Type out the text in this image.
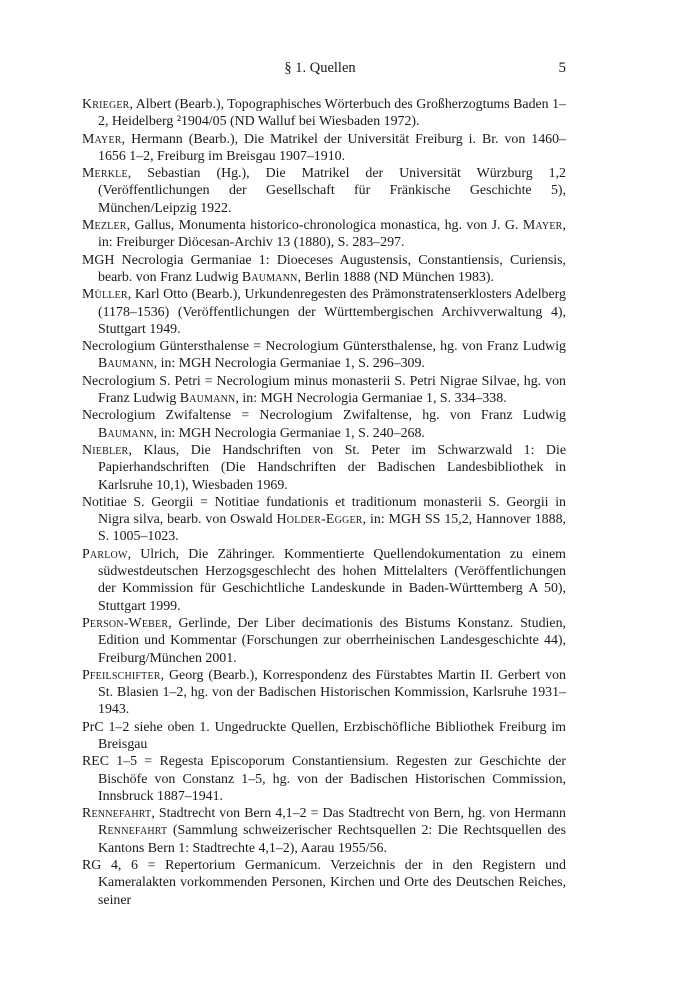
§ 1. Quellen	5

Krieger, Albert (Bearb.), Topographisches Wörterbuch des Großherzogtums Baden 1–2, Heidelberg ²1904/05 (ND Walluf bei Wiesbaden 1972).

Mayer, Hermann (Bearb.), Die Matrikel der Universität Freiburg i. Br. von 1460–1656 1–2, Freiburg im Breisgau 1907–1910.

Merkle, Sebastian (Hg.), Die Matrikel der Universität Würzburg 1,2 (Veröffentlichungen der Gesellschaft für Fränkische Geschichte 5), München/Leipzig 1922.

Mezler, Gallus, Monumenta historico-chronologica monastica, hg. von J. G. Mayer, in: Freiburger Diöcesan-Archiv 13 (1880), S. 283–297.

MGH Necrologia Germaniae 1: Dioeceses Augustensis, Constantiensis, Curiensis, bearb. von Franz Ludwig Baumann, Berlin 1888 (ND München 1983).

Müller, Karl Otto (Bearb.), Urkundenregesten des Prämonstratenserklosters Adelberg (1178–1536) (Veröffentlichungen der Württembergischen Archivverwaltung 4), Stuttgart 1949.

Necrologium Güntersthalense = Necrologium Güntersthalense, hg. von Franz Ludwig Baumann, in: MGH Necrologia Germaniae 1, S. 296–309.

Necrologium S. Petri = Necrologium minus monasterii S. Petri Nigrae Silvae, hg. von Franz Ludwig Baumann, in: MGH Necrologia Germaniae 1, S. 334–338.

Necrologium Zwifaltense = Necrologium Zwifaltense, hg. von Franz Ludwig Baumann, in: MGH Necrologia Germaniae 1, S. 240–268.

Niebler, Klaus, Die Handschriften von St. Peter im Schwarzwald 1: Die Papierhandschriften (Die Handschriften der Badischen Landesbibliothek in Karlsruhe 10,1), Wiesbaden 1969.

Notitiae S. Georgii = Notitiae fundationis et traditionum monasterii S. Georgii in Nigra silva, bearb. von Oswald Holder-Egger, in: MGH SS 15,2, Hannover 1888, S. 1005–1023.

Parlow, Ulrich, Die Zähringer. Kommentierte Quellendokumentation zu einem südwestdeutschen Herzogsgeschlecht des hohen Mittelalters (Veröffentlichungen der Kommission für Geschichtliche Landeskunde in Baden-Württemberg A 50), Stuttgart 1999.

Person-Weber, Gerlinde, Der Liber decimationis des Bistums Konstanz. Studien, Edition und Kommentar (Forschungen zur oberrheinischen Landesgeschichte 44), Freiburg/München 2001.

Pfeilschifter, Georg (Bearb.), Korrespondenz des Fürstabtes Martin II. Gerbert von St. Blasien 1–2, hg. von der Badischen Historischen Kommission, Karlsruhe 1931–1943.

PrC 1–2 siehe oben 1. Ungedruckte Quellen, Erzbischöfliche Bibliothek Freiburg im Breisgau

REC 1–5 = Regesta Episcoporum Constantiensium. Regesten zur Geschichte der Bischöfe von Constanz 1–5, hg. von der Badischen Historischen Commission, Innsbruck 1887–1941.

Rennefahrt, Stadtrecht von Bern 4,1–2 = Das Stadtrecht von Bern, hg. von Hermann Rennefahrt (Sammlung schweizerischer Rechtsquellen 2: Die Rechtsquellen des Kantons Bern 1: Stadtrechte 4,1–2), Aarau 1955/56.

RG 4, 6 = Repertorium Germanicum. Verzeichnis der in den Registern und Kameralakten vorkommenden Personen, Kirchen und Orte des Deutschen Reiches, seiner
